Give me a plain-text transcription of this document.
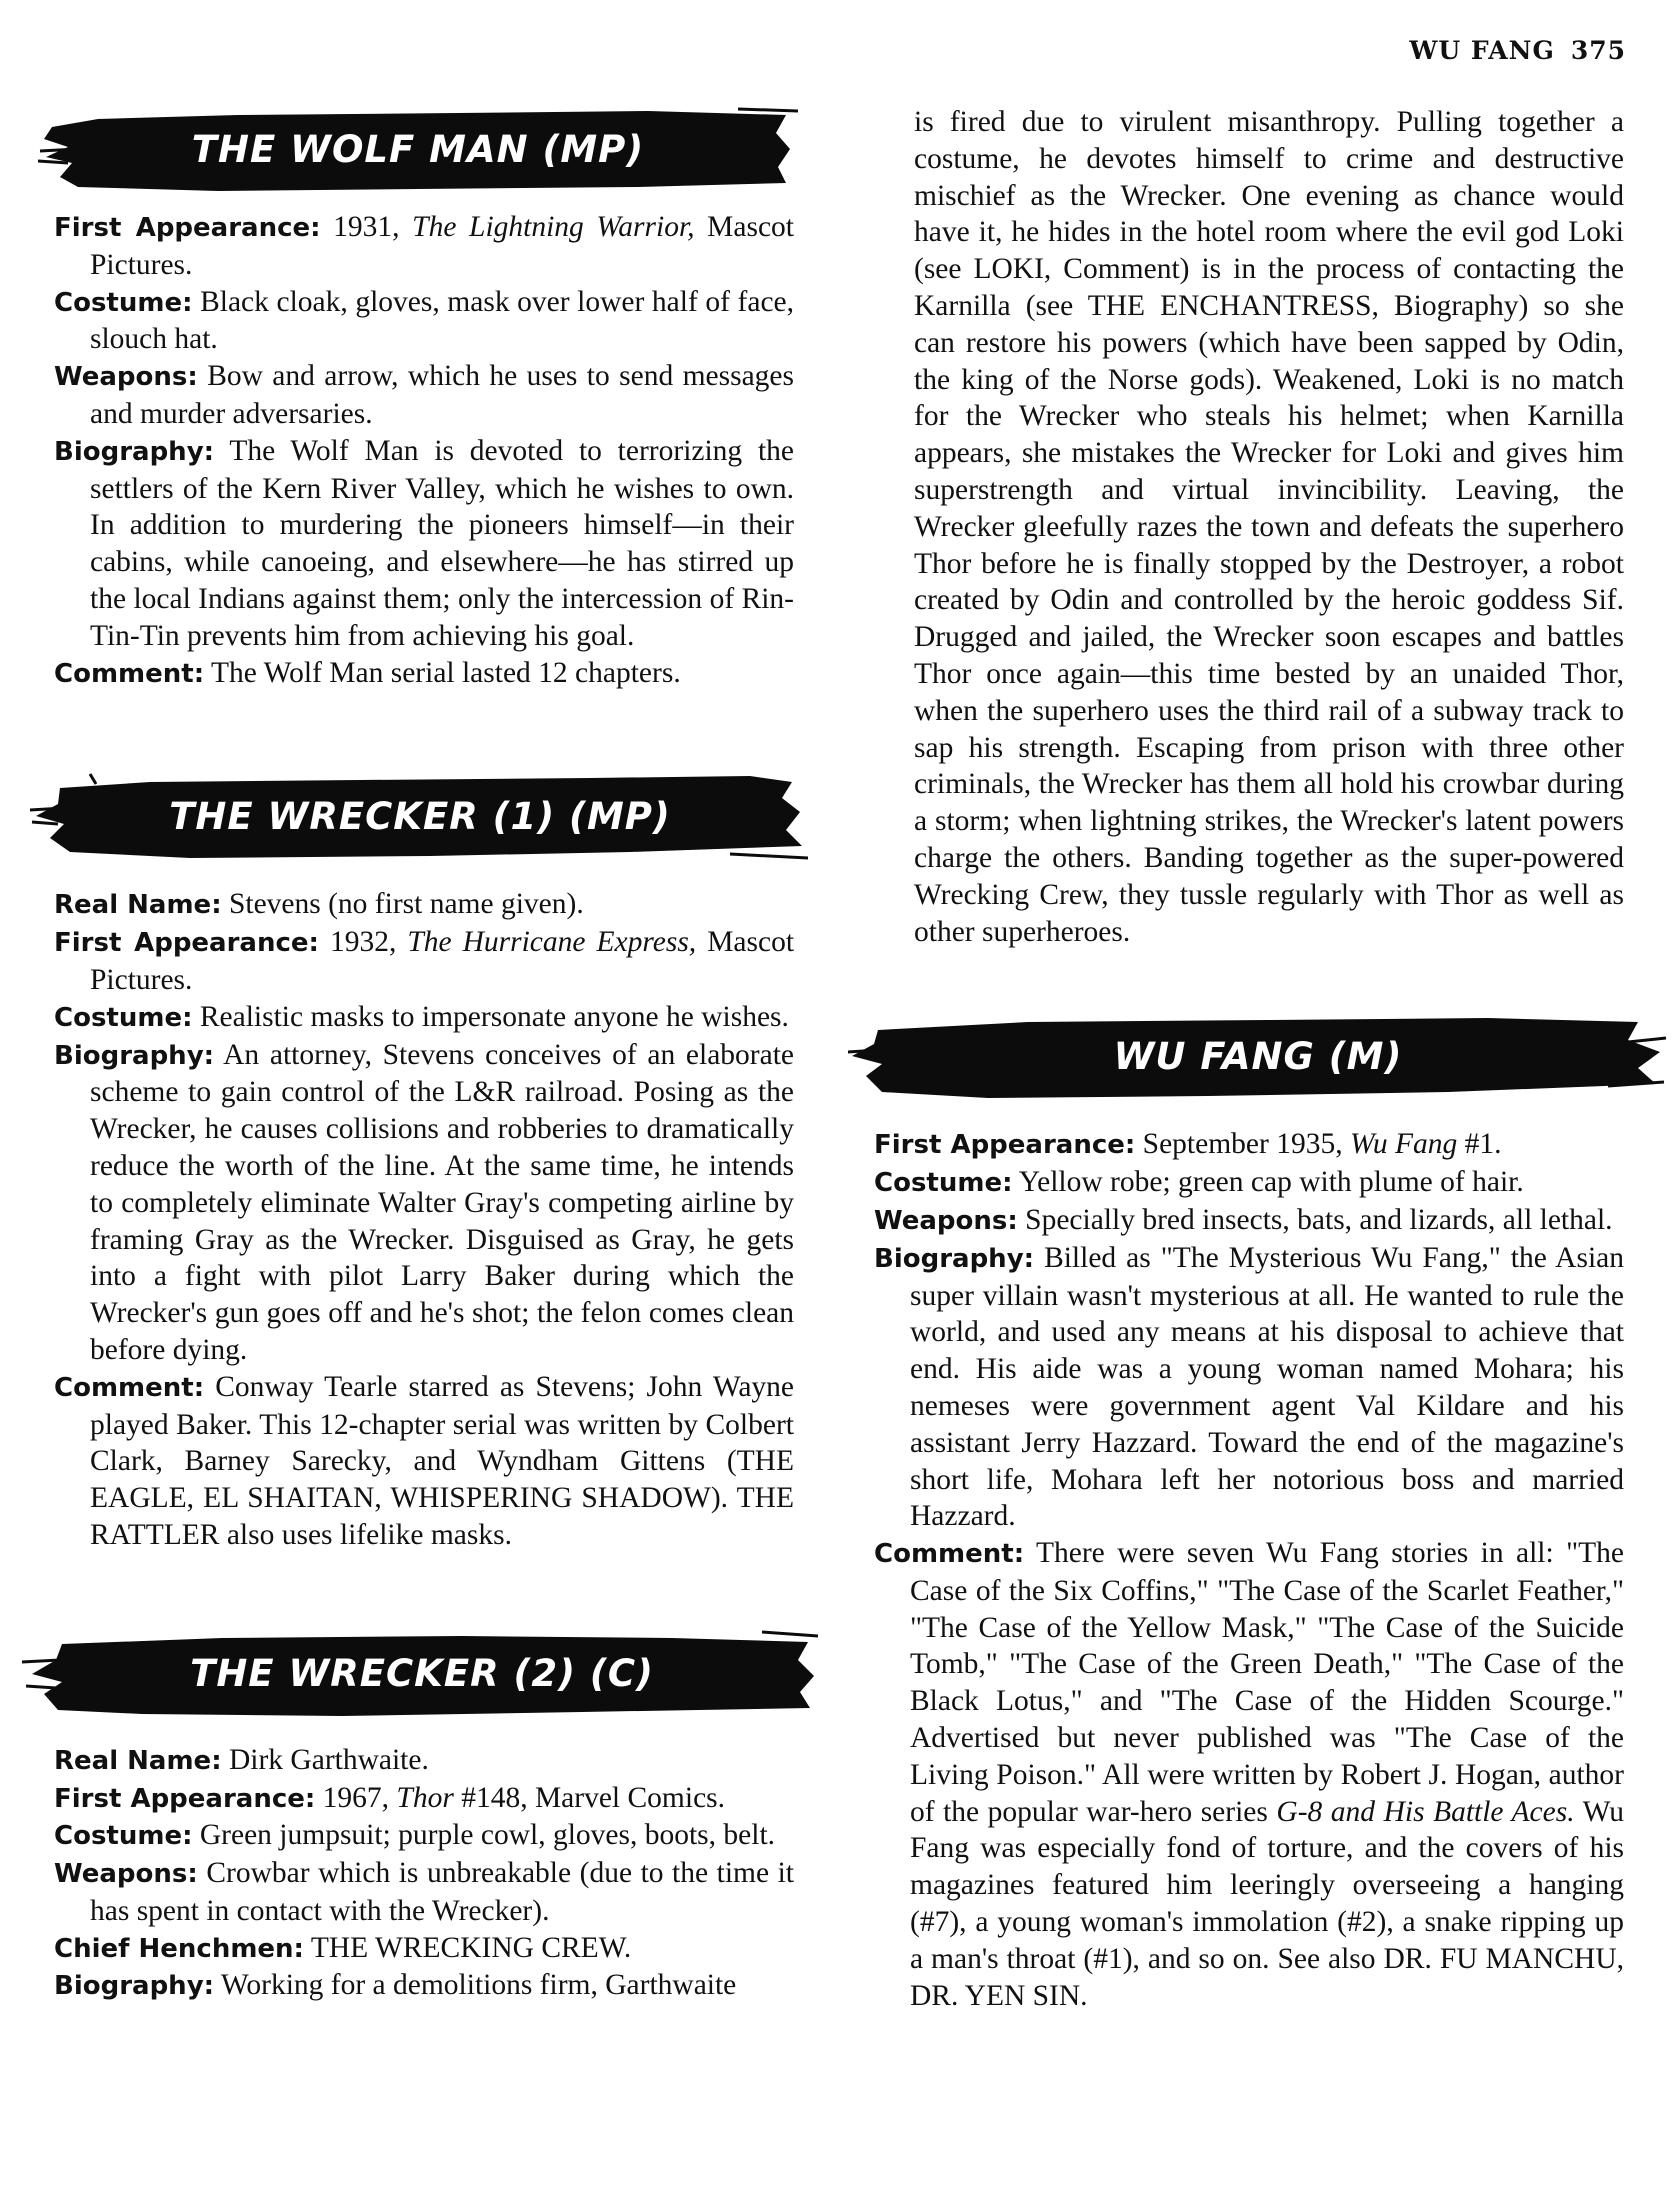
WU FANG 375
THE WOLF MAN (MP)

First Appearance: 1931, The Lightning Warrior, Mascot Pictures.

Costume: Black cloak, gloves, mask over lower half of face, slouch hat.

Weapons: Bow and arrow, which he uses to send messages and murder adversaries.

Biography: The Wolf Man is devoted to terrorizing the settlers of the Kern River Valley, which he wishes to own. In addition to murdering the pioneers himself—in their cabins, while canoeing, and elsewhere—he has stirred up the local Indians against them; only the intercession of Rin-Tin-Tin prevents him from achieving his goal.

Comment: The Wolf Man serial lasted 12 chapters.

THE WRECKER (1) (MP)

Real Name: Stevens (no first name given).

First Appearance: 1932, The Hurricane Express, Mascot Pictures.

Costume: Realistic masks to impersonate anyone he wishes.

Biography: An attorney, Stevens conceives of an elaborate scheme to gain control of the L&R railroad. Posing as the Wrecker, he causes collisions and robberies to dramatically reduce the worth of the line. At the same time, he intends to completely eliminate Walter Gray's competing airline by framing Gray as the Wrecker. Disguised as Gray, he gets into a fight with pilot Larry Baker during which the Wrecker's gun goes off and he's shot; the felon comes clean before dying.

Comment: Conway Tearle starred as Stevens; John Wayne played Baker. This 12-chapter serial was written by Colbert Clark, Barney Sarecky, and Wyndham Gittens (THE EAGLE, EL SHAITAN, WHISPERING SHADOW). THE RATTLER also uses lifelike masks.

THE WRECKER (2) (C)

Real Name: Dirk Garthwaite.

First Appearance: 1967, Thor #148, Marvel Comics.

Costume: Green jumpsuit; purple cowl, gloves, boots, belt.

Weapons: Crowbar which is unbreakable (due to the time it has spent in contact with the Wrecker).

Chief Henchmen: THE WRECKING CREW.

Biography: Working for a demolitions firm, Garthwaite

is fired due to virulent misanthropy. Pulling together a costume, he devotes himself to crime and destructive mischief as the Wrecker. One evening as chance would have it, he hides in the hotel room where the evil god Loki (see LOKI, Comment) is in the process of contacting the Karnilla (see THE ENCHANTRESS, Biography) so she can restore his powers (which have been sapped by Odin, the king of the Norse gods). Weakened, Loki is no match for the Wrecker who steals his helmet; when Karnilla appears, she mistakes the Wrecker for Loki and gives him superstrength and virtual invincibility. Leaving, the Wrecker gleefully razes the town and defeats the superhero Thor before he is finally stopped by the Destroyer, a robot created by Odin and controlled by the heroic goddess Sif. Drugged and jailed, the Wrecker soon escapes and battles Thor once again—this time bested by an unaided Thor, when the superhero uses the third rail of a subway track to sap his strength. Escaping from prison with three other criminals, the Wrecker has them all hold his crowbar during a storm; when lightning strikes, the Wrecker's latent powers charge the others. Banding together as the super-powered Wrecking Crew, they tussle regularly with Thor as well as other superheroes.

WU FANG (M)

First Appearance: September 1935, Wu Fang #1.

Costume: Yellow robe; green cap with plume of hair.

Weapons: Specially bred insects, bats, and lizards, all lethal.

Biography: Billed as "The Mysterious Wu Fang," the Asian super villain wasn't mysterious at all. He wanted to rule the world, and used any means at his disposal to achieve that end. His aide was a young woman named Mohara; his nemeses were government agent Val Kildare and his assistant Jerry Hazzard. Toward the end of the magazine's short life, Mohara left her notorious boss and married Hazzard.

Comment: There were seven Wu Fang stories in all: "The Case of the Six Coffins," "The Case of the Scarlet Feather," "The Case of the Yellow Mask," "The Case of the Suicide Tomb," "The Case of the Green Death," "The Case of the Black Lotus," and "The Case of the Hidden Scourge." Advertised but never published was "The Case of the Living Poison." All were written by Robert J. Hogan, author of the popular war-hero series G-8 and His Battle Aces. Wu Fang was especially fond of torture, and the covers of his magazines featured him leeringly overseeing a hanging (#7), a young woman's immolation (#2), a snake ripping up a man's throat (#1), and so on. See also DR. FU MANCHU, DR. YEN SIN.
